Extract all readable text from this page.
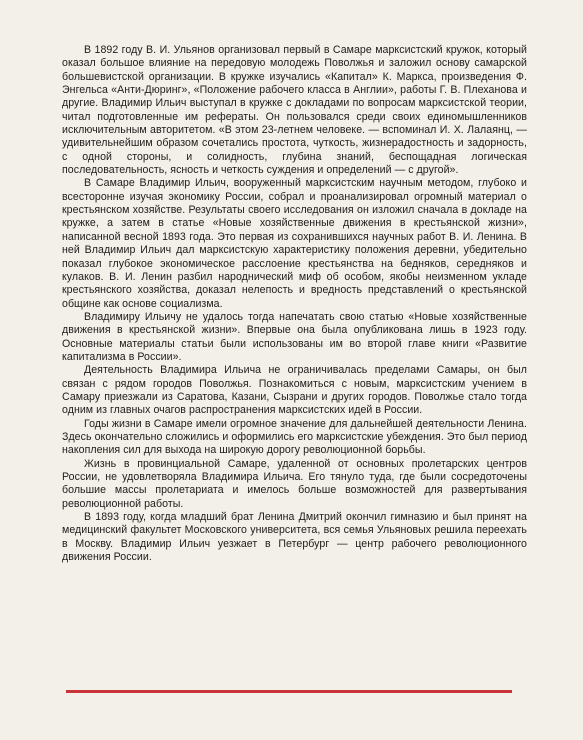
В 1892 году В. И. Ульянов организовал первый в Самаре марксистский кружок, который оказал большое влияние на передовую молодежь Поволжья и заложил основу самарской большевистской организации. В кружке изучались «Капитал» К. Маркса, произведения Ф. Энгельса «Анти-Дюринг», «Положение рабочего класса в Англии», работы Г. В. Плеханова и другие. Владимир Ильич выступал в кружке с докладами по вопросам марксистской теории, читал подготовленные им рефераты. Он пользовался среди своих единомышленников исключительным авторитетом. «В этом 23-летнем человеке. — вспоминал И. Х. Лалаянц, — удивительнейшим образом сочетались простота, чуткость, жизнерадостность и задорность, с одной стороны, и солидность, глубина знаний, беспощадная логическая последовательность, ясность и четкость суждения и определений — с другой».

В Самаре Владимир Ильич, вооруженный марксистским научным методом, глубоко и всесторонне изучая экономику России, собрал и проанализировал огромный материал о крестьянском хозяйстве. Результаты своего исследования он изложил сначала в докладе на кружке, а затем в статье «Новые хозяйственные движения в крестьянской жизни», написанной весной 1893 года. Это первая из сохранившихся научных работ В. И. Ленина. В ней Владимир Ильич дал марксистскую характеристику положения деревни, убедительно показал глубокое экономическое расслоение крестьянства на бедняков, середняков и кулаков. В. И. Ленин разбил народнический миф об особом, якобы неизменном укладе крестьянского хозяйства, доказал нелепость и вредность представлений о крестьянской общине как основе социализма.

Владимиру Ильичу не удалось тогда напечатать свою статью «Новые хозяйственные движения в крестьянской жизни». Впервые она была опубликована лишь в 1923 году. Основные материалы статьи были использованы им во второй главе книги «Развитие капитализма в России».

Деятельность Владимира Ильича не ограничивалась пределами Самары, он был связан с рядом городов Поволжья. Познакомиться с новым, марксистским учением в Самару приезжали из Саратова, Казани, Сызрани и других городов. Поволжье стало тогда одним из главных очагов распространения марксистских идей в России.

Годы жизни в Самаре имели огромное значение для дальнейшей деятельности Ленина. Здесь окончательно сложились и оформились его марксистские убеждения. Это был период накопления сил для выхода на широкую дорогу революционной борьбы.

Жизнь в провинциальной Самаре, удаленной от основных пролетарских центров России, не удовлетворяла Владимира Ильича. Его тянуло туда, где были сосредоточены большие массы пролетариата и имелось больше возможностей для развертывания революционной работы.

В 1893 году, когда младший брат Ленина Дмитрий окончил гимназию и был принят на медицинский факультет Московского университета, вся семья Ульяновых решила переехать в Москву. Владимир Ильич уезжает в Петербург — центр рабочего революционного движения России.
